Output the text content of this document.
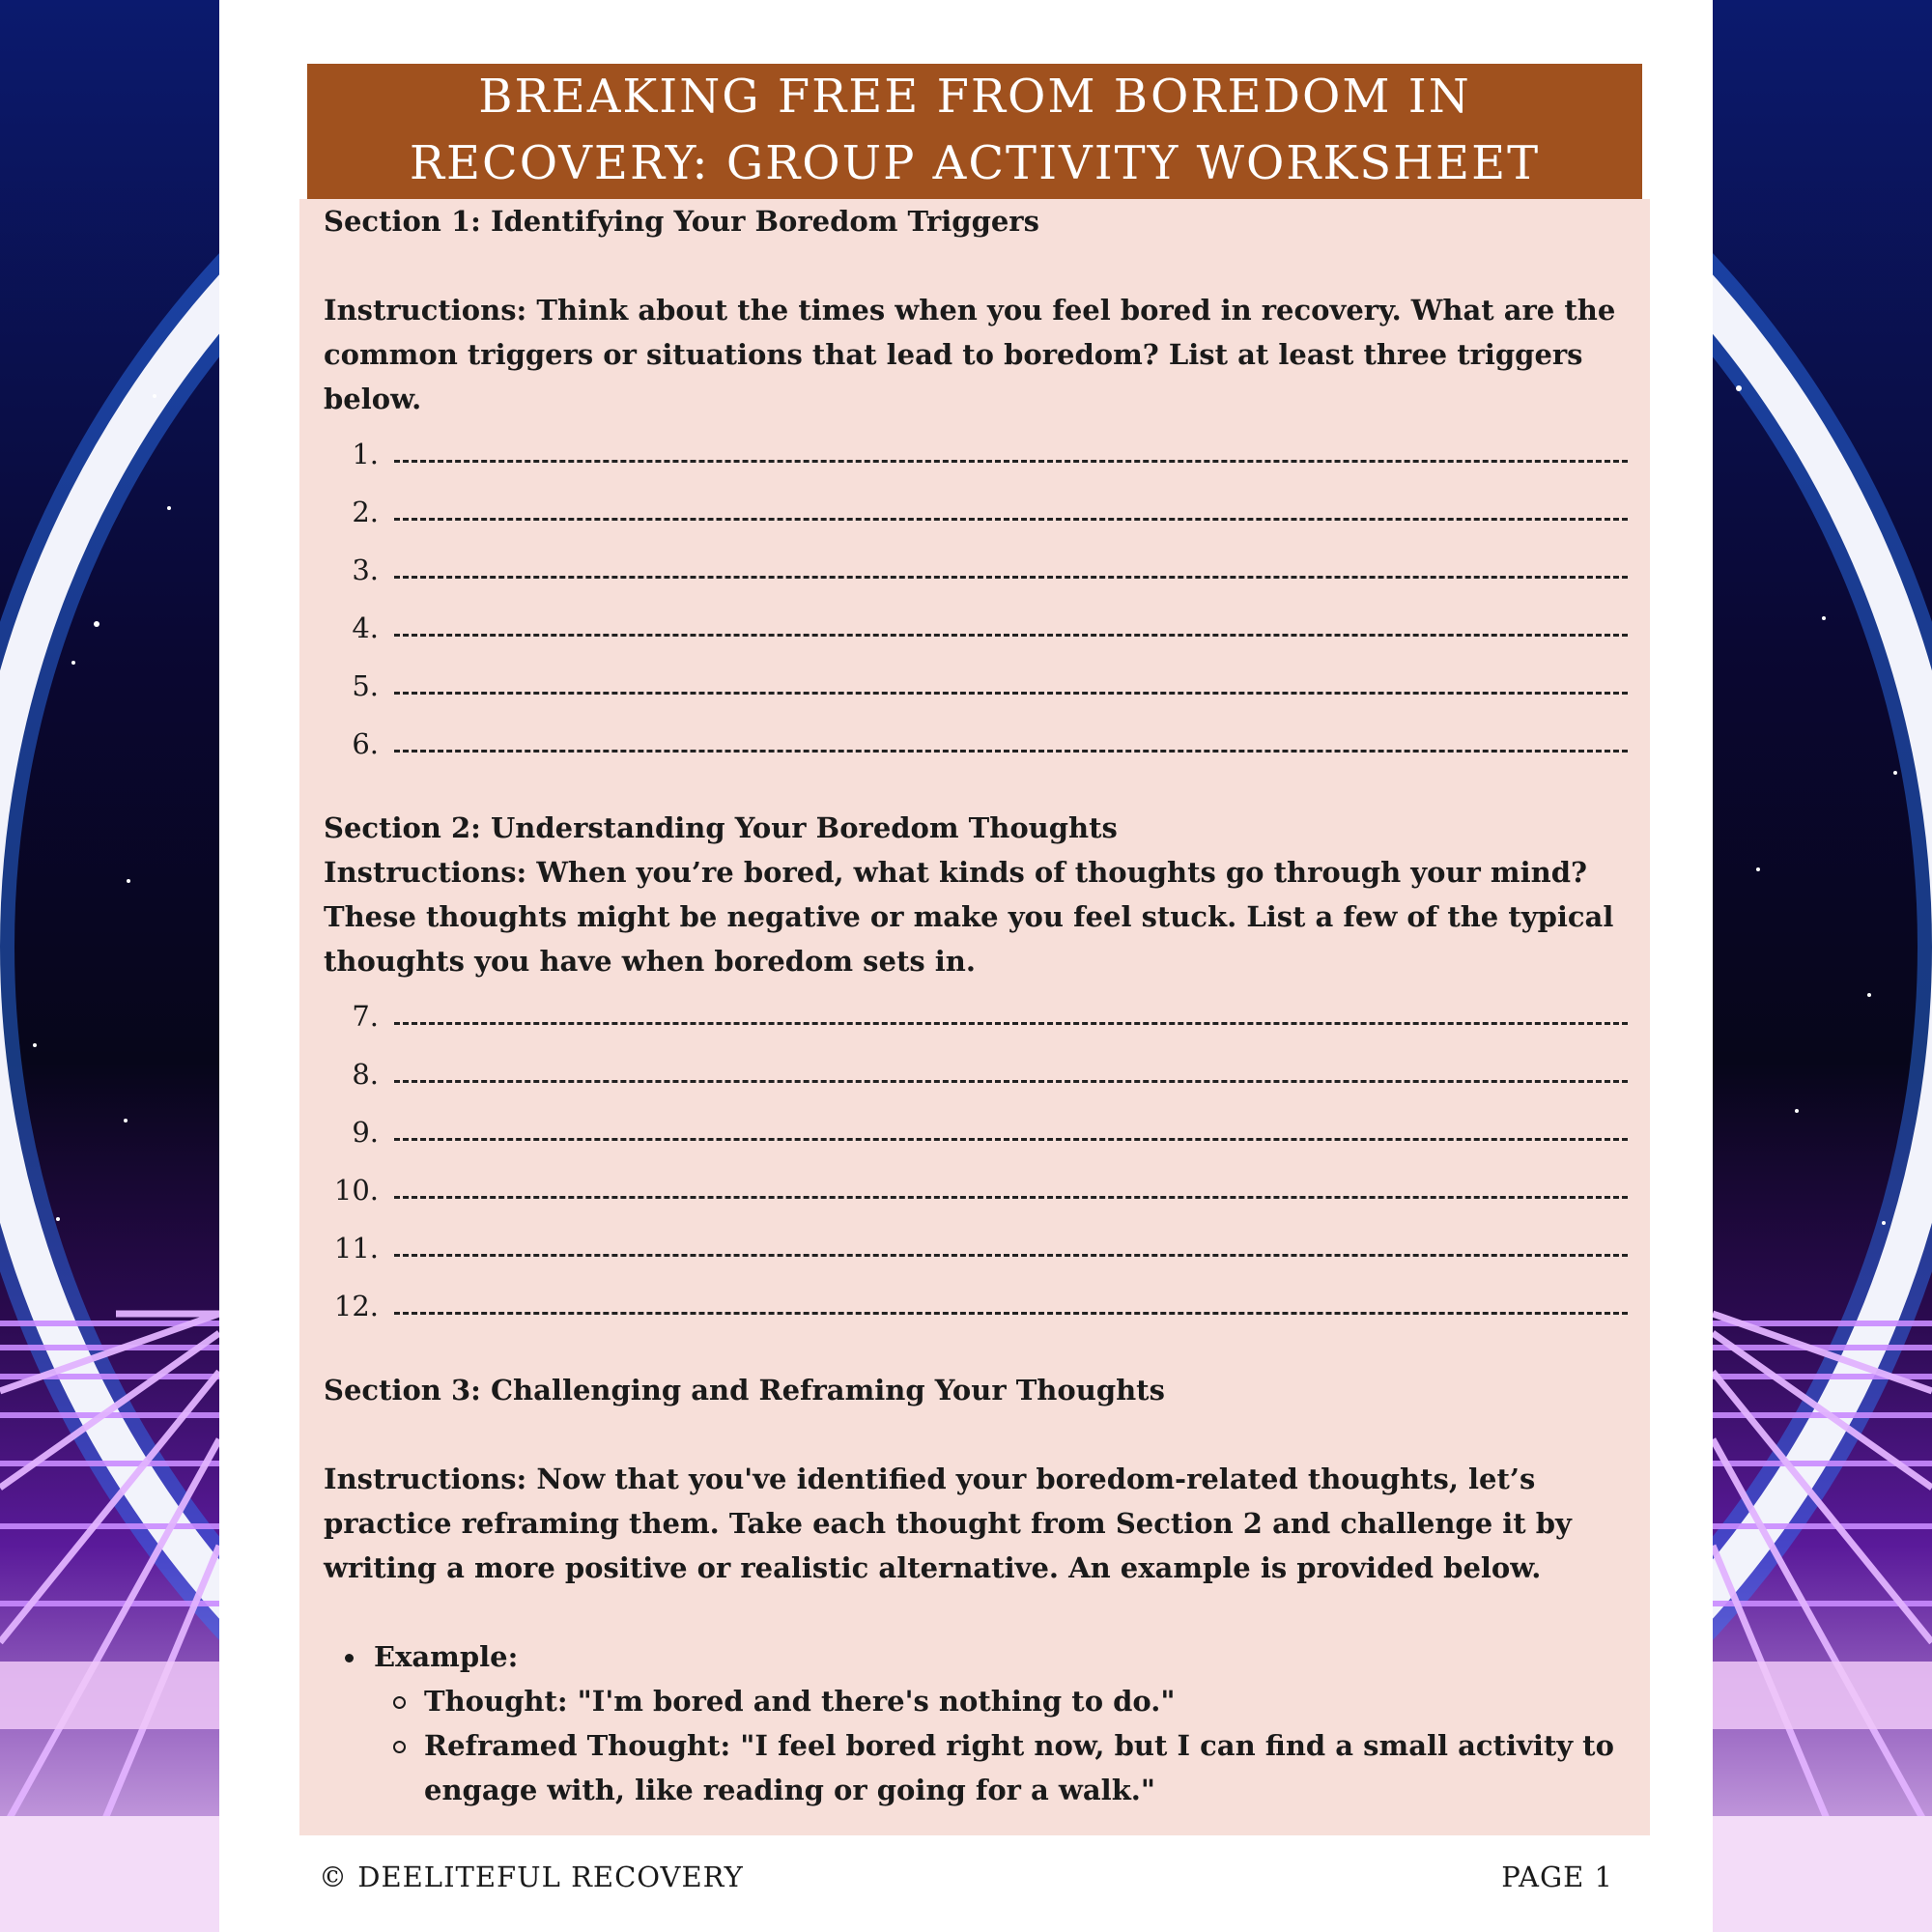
BREAKING FREE FROM BOREDOM IN
RECOVERY: GROUP ACTIVITY WORKSHEET
Section 1: Identifying Your Boredom Triggers
Instructions: Think about the times when you feel bored in recovery. What are the common triggers or situations that lead to boredom? List at least three triggers below.
1.
2.
3.
4.
5.
6.
Section 2: Understanding Your Boredom Thoughts
Instructions: When you’re bored, what kinds of thoughts go through your mind? These thoughts might be negative or make you feel stuck. List a few of the typical thoughts you have when boredom sets in.
7.
8.
9.
10.
11.
12.
Section 3: Challenging and Reframing Your Thoughts
Instructions: Now that you've identified your boredom-related thoughts, let’s practice reframing them. Take each thought from Section 2 and challenge it by writing a more positive or realistic alternative. An example is provided below.
Example:
Thought: "I'm bored and there's nothing to do."
Reframed Thought: "I feel bored right now, but I can find a small activity to engage with, like reading or going for a walk."
© DEELITEFUL RECOVERY	PAGE 1
